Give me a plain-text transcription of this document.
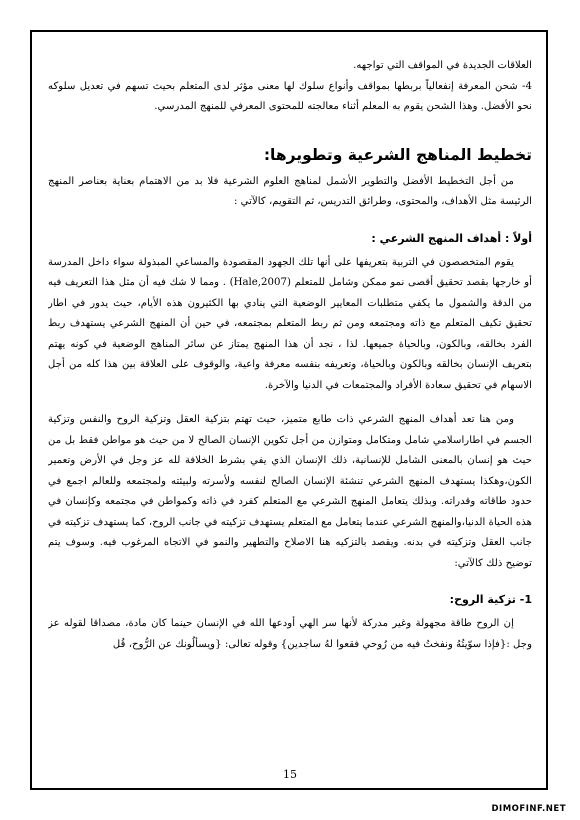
العلاقات الجديدة في المواقف التي تواجهه.

4- شحن المعرفة إنفعالياً بربطها بمواقف وأنواع سلوك لها معنى مؤثر لدى المتعلم بحيث تسهم في تعديل سلوكه نحو الأفضل. وهذا الشحن يقوم به المعلم أثناء معالجته للمحتوى المعرفي للمنهج المدرسي.

تخطيط المناهج الشرعية وتطويرها:

من أجل التخطيط الأفضل والتطوير الأشمل لمناهج العلوم الشرعية فلا بد من الاهتمام بعناية بعناصر المنهج الرئيسة مثل الأهداف، والمحتوى، وطرائق التدريس، ثم التقويم، كالآتي :

أولاً : أهداف المنهج الشرعي :

يقوم المتخصصون في التربية بتعريفها على أنها تلك الجهود المقصودة والمساعي المبذولة سواء داخل المدرسة أو خارجها بقصد تحقيق أقصى نمو ممكن وشامل للمتعلم (Hale,2007) . ومما لا شك فيه أن مثل هذا التعريف فيه من الدقة والشمول ما يكفي متطلبات المعايير الوضعية التي ينادي بها الكثيرون هذه الأيام، حيث يدور في اطار تحقيق تكيف المتعلم مع ذاته ومجتمعه ومن ثم ربط المتعلم بمجتمعه، في حين أن المنهج الشرعي يستهدف ربط الفرد بخالقه، وبالكون، وبالحياة جميعها. لذا ، نجد أن هذا المنهج يمتاز عن سائر المناهج الوضعية في كونه يهتم بتعريف الإنسان بخالقه وبالكون وبالحياة، وتعريفه بنفسه معرفة واعية، والوقوف على العلاقة بين هذا كله من أجل الاسهام في تحقيق سعادة الأفراد والمجتمعات في الدنيا والآخرة.

ومن هنا تعد أهداف المنهج الشرعي ذات طابع متميز، حيث تهتم بتزكية العقل وتزكية الروح والنفس وتزكية الجسم في اطاراسلامي شامل ومتكامل ومتوازن من أجل تكوين الإنسان الصالح لا من حيث هو مواطن فقط بل من حيث هو إنسان بالمعنى الشامل للإنسانية، ذلك الإنسان الذي يفي بشرط الخلافة لله عز وجل في الأرض وتعمير الكون،وهكذا يستهدف المنهج الشرعي تنشئة الإنسان الصالح لنفسه ولأسرته ولبيئته ولمجتمعه وللعالم اجمع في حدود طاقاته وقدراته. وبذلك يتعامل المنهج الشرعي مع المتعلم كفرد في ذاته وكمواطن في مجتمعه وكإنسان في هذه الحياة الدنيا،والمنهج الشرعي عندما يتعامل مع المتعلم يستهدف تزكيته في جانب الروح، كما يستهدف تزكيته في جانب العقل وتزكيته في بدنه. ويقصد بالتزكيه هنا الاصلاح والتطهير والنمو في الاتجاه المرغوب فيه. وسوف يتم توضيح ذلك كالآتي:

1- تزكية الروح:

إن الروح طاقة مجهولة وغير مدركة لأنها سر الهي أودعها الله في الإنسان حينما كان مادة، مصداقا لقوله عز وجل :{فإذا سوّيتُهُ ونفختُ فيه من رُوحي فقعوا لهُ ساجدين} وقوله تعالى: {ويسألُونك عن الرُّوح، قُل

15
DIMOFINF.NET
